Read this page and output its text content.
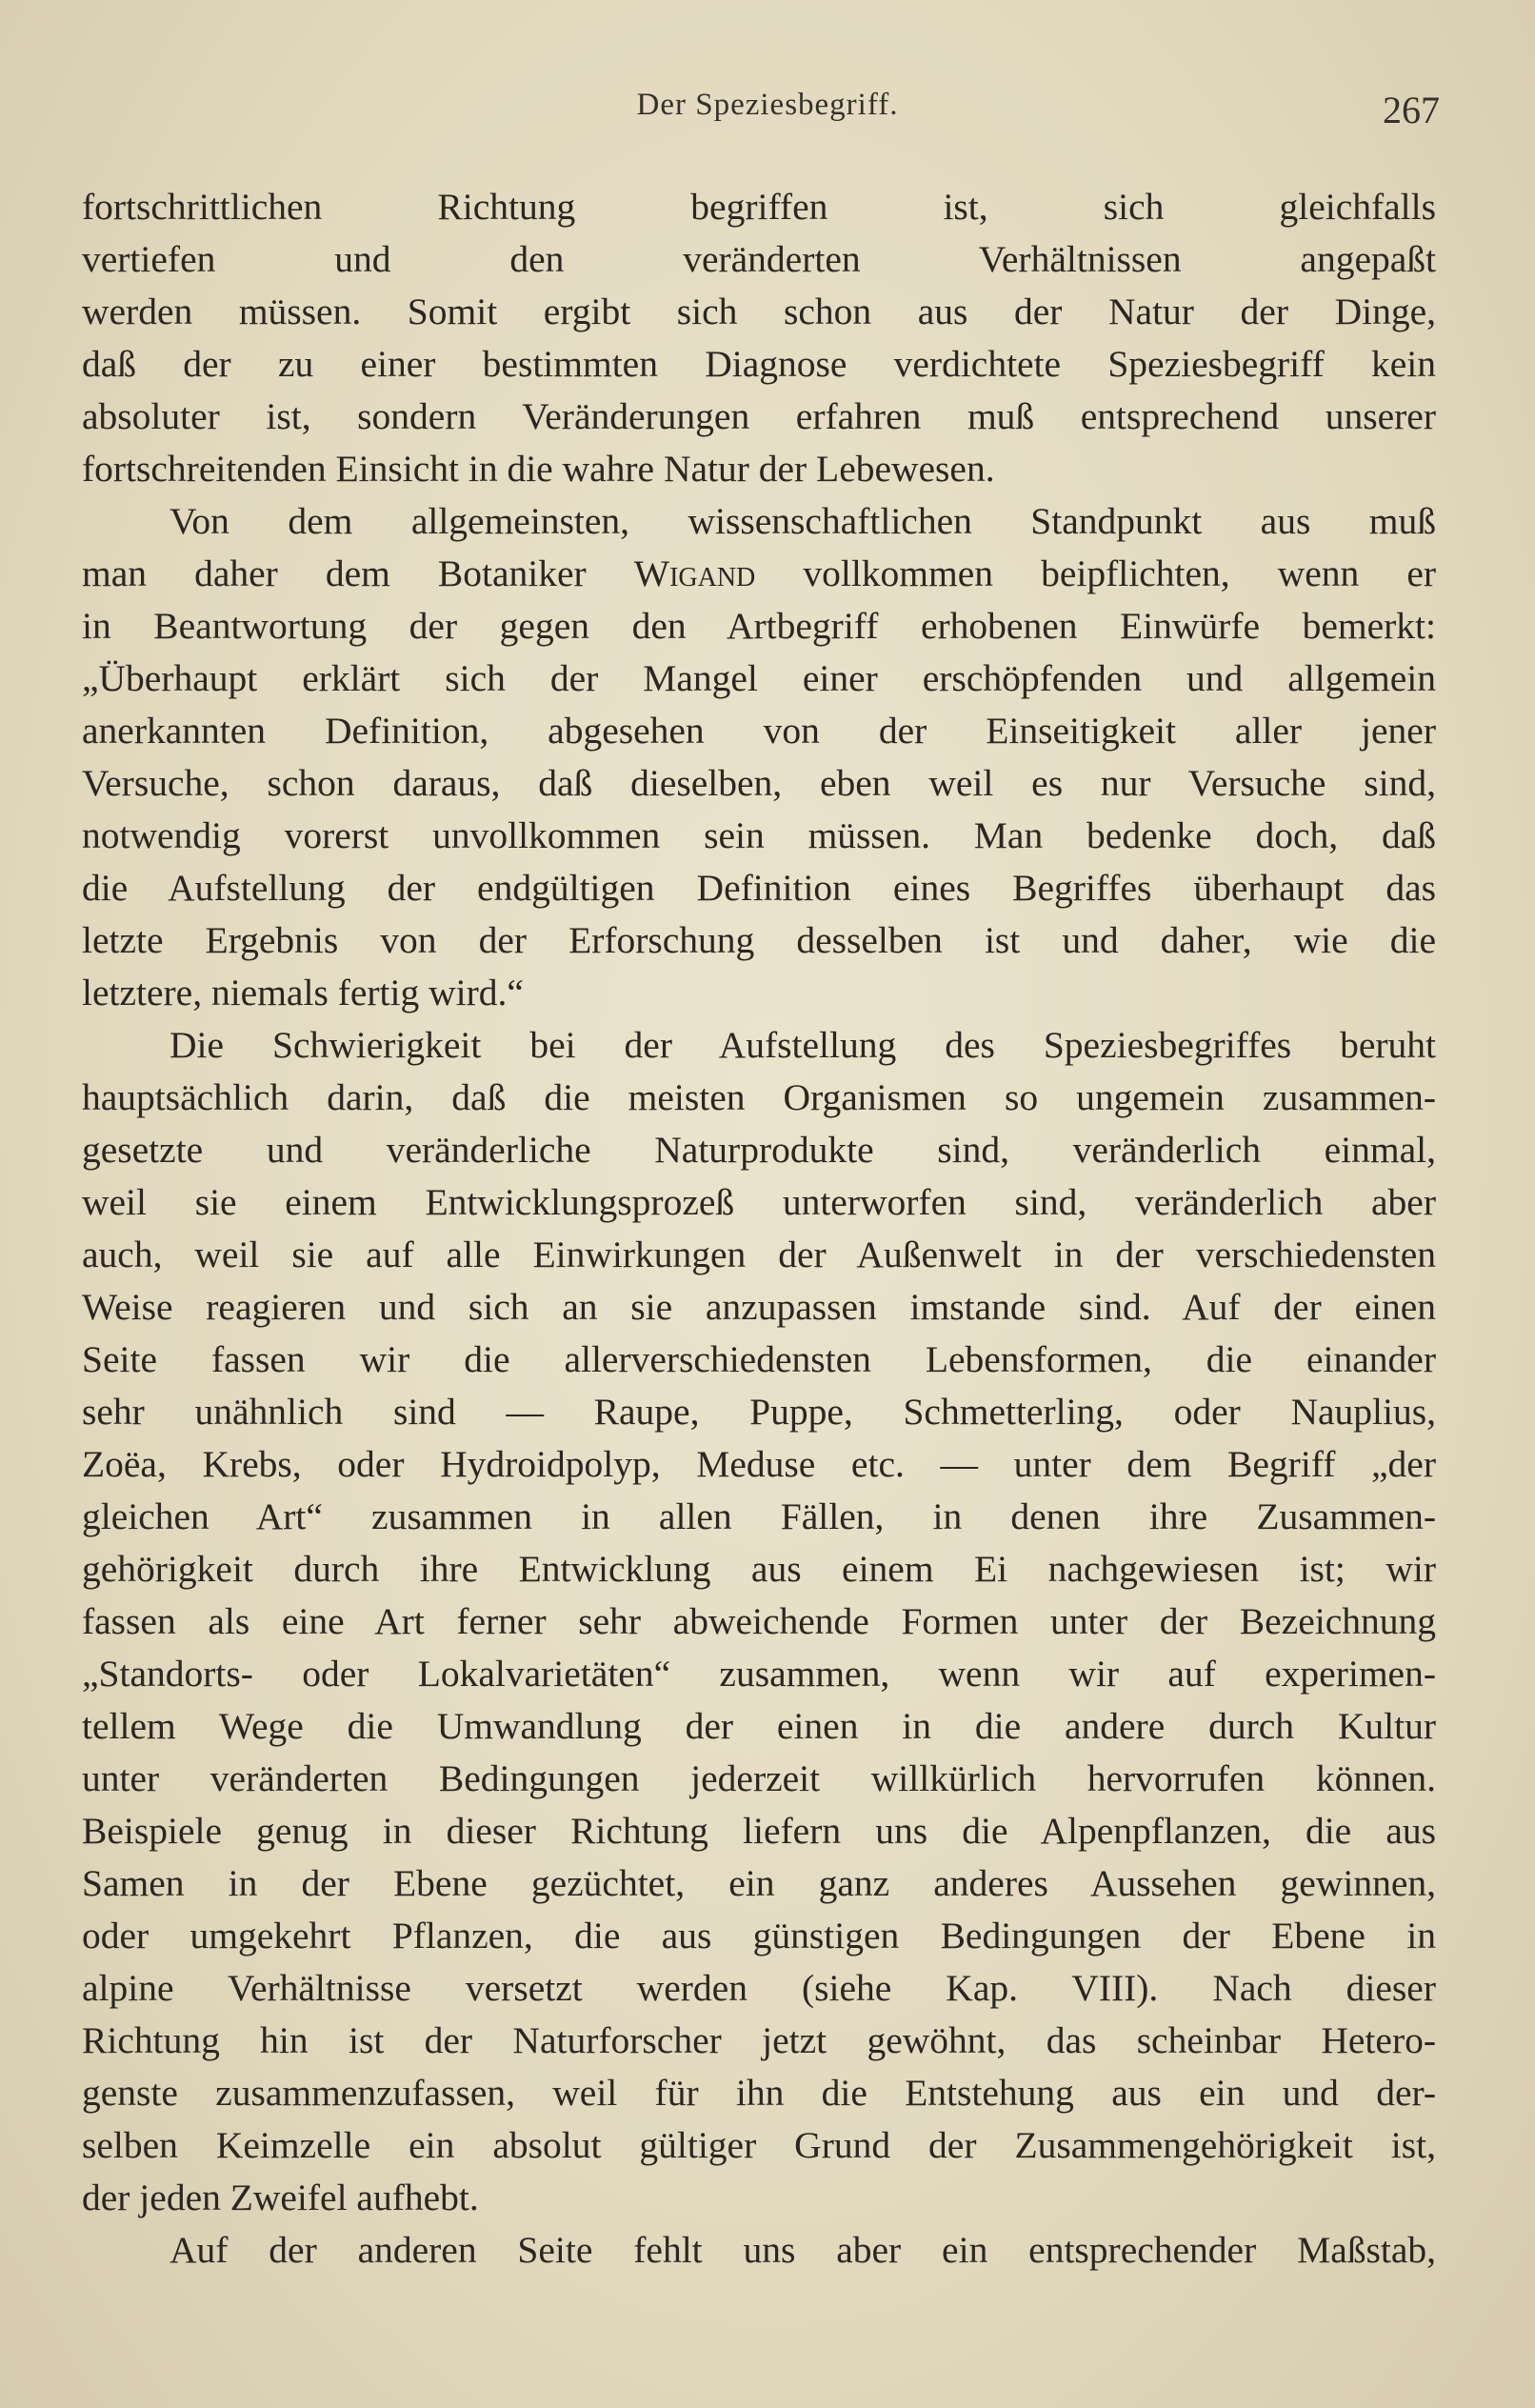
Der Speziesbegriff.	267
fortschrittlichen Richtung begriffen ist, sich gleichfalls
vertiefen und den veränderten Verhältnissen angepaßt
werden müssen. Somit ergibt sich schon aus der Natur der Dinge,
daß der zu einer bestimmten Diagnose verdichtete Speziesbegriff kein
absoluter ist, sondern Veränderungen erfahren muß entsprechend unserer
fortschreitenden Einsicht in die wahre Natur der Lebewesen.
Von dem allgemeinsten, wissenschaftlichen Standpunkt aus muß
man daher dem Botaniker Wigand vollkommen beipflichten, wenn er
in Beantwortung der gegen den Artbegriff erhobenen Einwürfe bemerkt:
„Überhaupt erklärt sich der Mangel einer erschöpfenden und allgemein
anerkannten Definition, abgesehen von der Einseitigkeit aller jener
Versuche, schon daraus, daß dieselben, eben weil es nur Versuche sind,
notwendig vorerst unvollkommen sein müssen. Man bedenke doch, daß
die Aufstellung der endgültigen Definition eines Begriffes überhaupt das
letzte Ergebnis von der Erforschung desselben ist und daher, wie die
letztere, niemals fertig wird.“
Die Schwierigkeit bei der Aufstellung des Speziesbegriffes beruht
hauptsächlich darin, daß die meisten Organismen so ungemein zusammen-
gesetzte und veränderliche Naturprodukte sind, veränderlich einmal,
weil sie einem Entwicklungsprozeß unterworfen sind, veränderlich aber
auch, weil sie auf alle Einwirkungen der Außenwelt in der verschiedensten
Weise reagieren und sich an sie anzupassen imstande sind. Auf der einen
Seite fassen wir die allerverschiedensten Lebensformen, die einander
sehr unähnlich sind — Raupe, Puppe, Schmetterling, oder Nauplius,
Zoëa, Krebs, oder Hydroidpolyp, Meduse etc. — unter dem Begriff „der
gleichen Art“ zusammen in allen Fällen, in denen ihre Zusammen-
gehörigkeit durch ihre Entwicklung aus einem Ei nachgewiesen ist; wir
fassen als eine Art ferner sehr abweichende Formen unter der Bezeichnung
„Standorts- oder Lokalvarietäten“ zusammen, wenn wir auf experimen-
tellem Wege die Umwandlung der einen in die andere durch Kultur
unter veränderten Bedingungen jederzeit willkürlich hervorrufen können.
Beispiele genug in dieser Richtung liefern uns die Alpenpflanzen, die aus
Samen in der Ebene gezüchtet, ein ganz anderes Aussehen gewinnen,
oder umgekehrt Pflanzen, die aus günstigen Bedingungen der Ebene in
alpine Verhältnisse versetzt werden (siehe Kap. VIII). Nach dieser
Richtung hin ist der Naturforscher jetzt gewöhnt, das scheinbar Hetero-
genste zusammenzufassen, weil für ihn die Entstehung aus ein und der-
selben Keimzelle ein absolut gültiger Grund der Zusammengehörigkeit ist,
der jeden Zweifel aufhebt.
Auf der anderen Seite fehlt uns aber ein entsprechender Maßstab,
